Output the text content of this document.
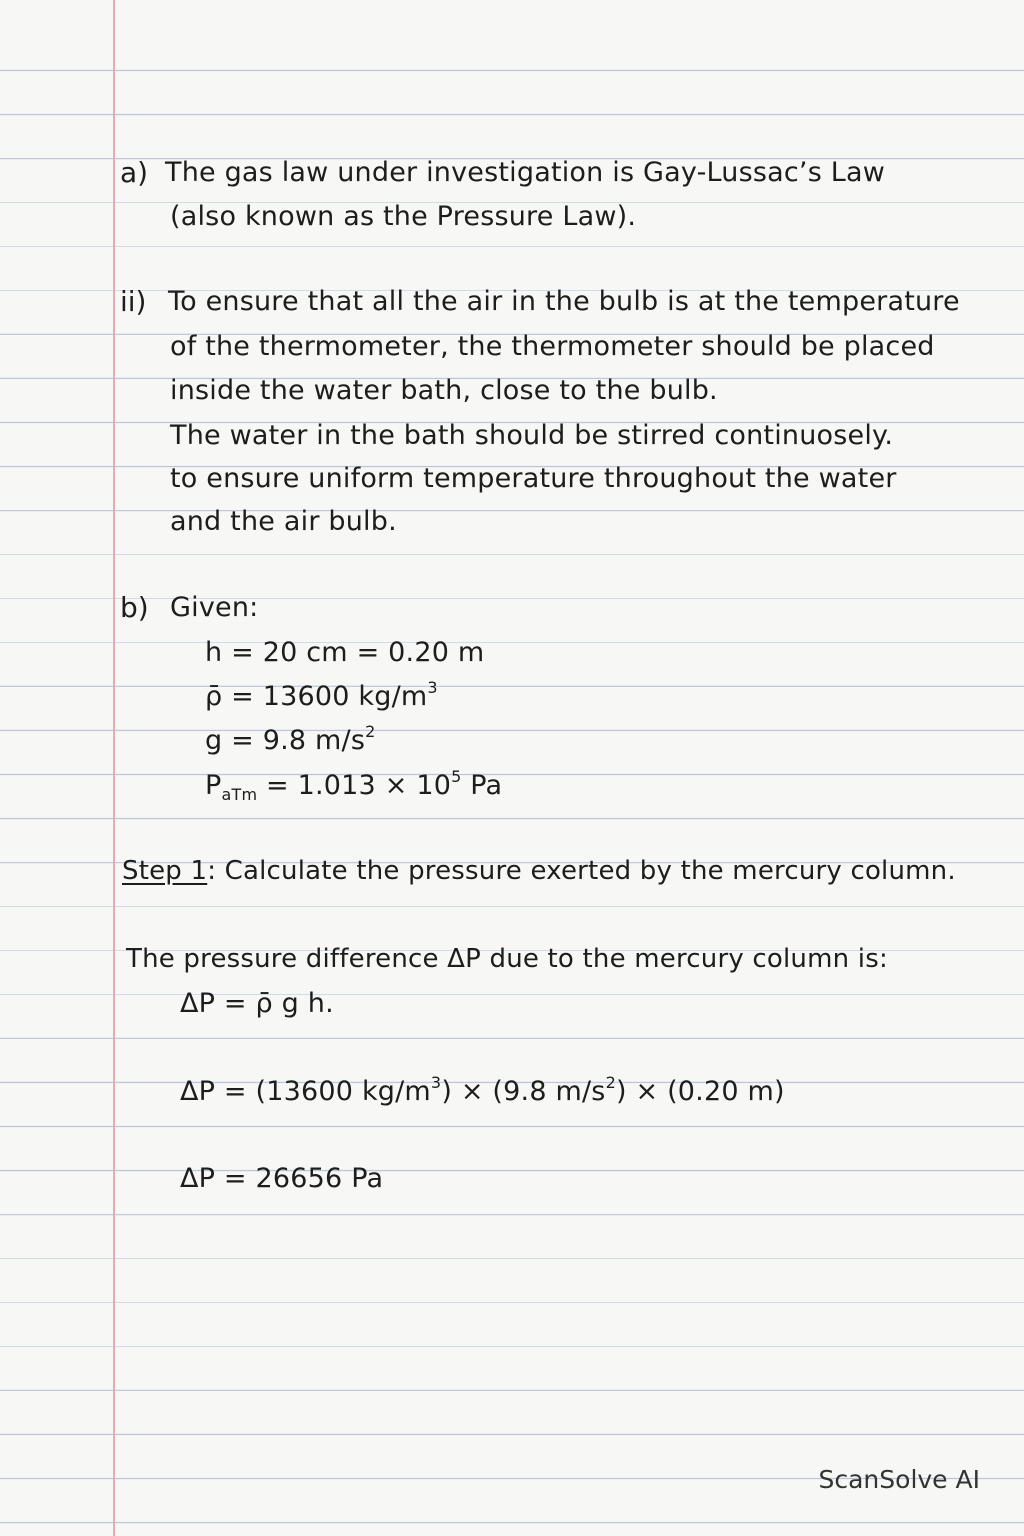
a) The gas law under investigation is Gay-Lussac’s Law
(also known as the Pressure Law).
ii) To ensure that all the air in the bulb is at the temperature
of the thermometer, the thermometer should be placed
inside the water bath, close to the bulb.
The water in the bath should be stirred continuosely.
to ensure uniform temperature throughout the water
and the air bulb.
b) Given:
h = 20 cm = 0.20 m
ρ̄ = 13600 $kg/m^3$
g = 9.8 $m/s^2$
$P_{aTm} = 1.013 \times 10^5$ Pa
Step 1: Calculate the pressure exerted by the mercury column.
The pressure difference ΔP due to the mercury column is:
ΔP = ρ̄ g h.
ΔP = (13600 $kg/m^3) \times (9.8$ $m/s^2) \times (0.20$ m)
ΔP = 26656 Pa
ScanSolve AI
